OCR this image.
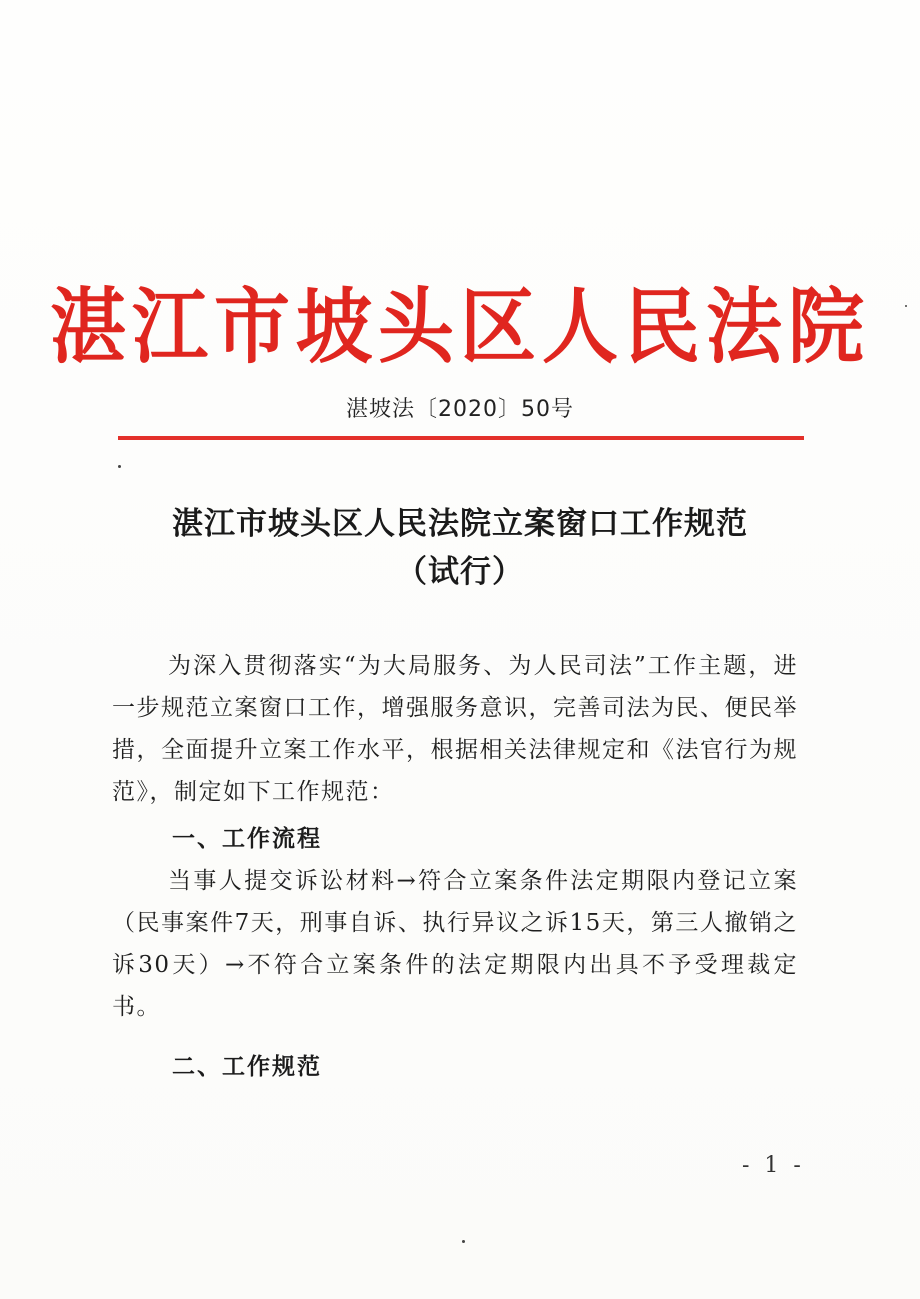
湛江市坡头区人民法院
湛坡法〔2020〕50号
湛江市坡头区人民法院立案窗口工作规范
（试行）
为深入贯彻落实“为大局服务、为人民司法”工作主题，进一步规范立案窗口工作，增强服务意识，完善司法为民、便民举措，全面提升立案工作水平，根据相关法律规定和《法官行为规范》，制定如下工作规范：
一、工作流程
当事人提交诉讼材料→符合立案条件法定期限内登记立案（民事案件7天，刑事自诉、执行异议之诉15天，第三人撤销之诉30天）→不符合立案条件的法定期限内出具不予受理裁定书。
二、工作规范
- 1 -
